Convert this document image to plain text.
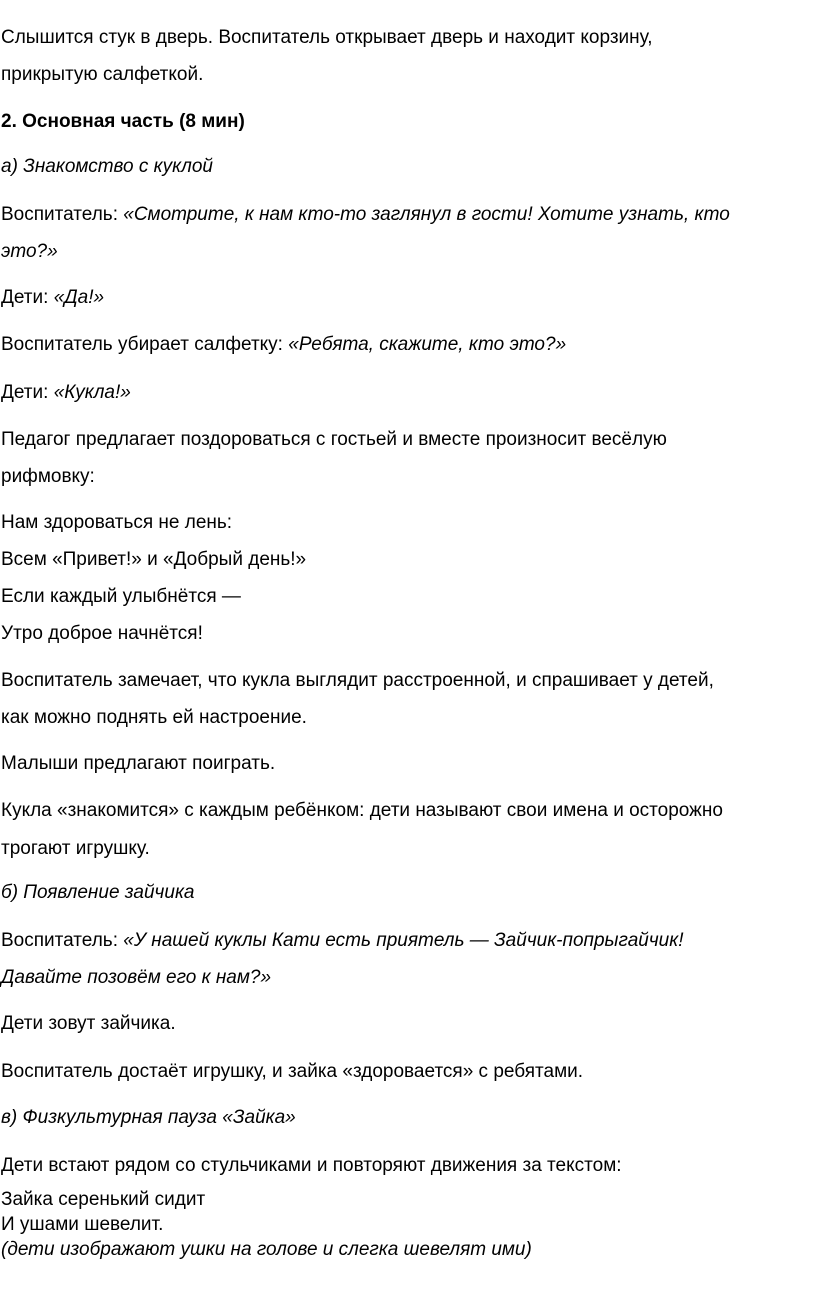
Слышится стук в дверь. Воспитатель открывает дверь и находит корзину,
прикрытую салфеткой.
2. Основная часть (8 мин)
а) Знакомство с куклой
Воспитатель: «Смотрите, к нам кто-то заглянул в гости! Хотите узнать, кто
это?»
Дети: «Да!»
Воспитатель убирает салфетку: «Ребята, скажите, кто это?»
Дети: «Кукла!»
Педагог предлагает поздороваться с гостьей и вместе произносит весёлую
рифмовку:
Нам здороваться не лень:
Всем «Привет!» и «Добрый день!»
Если каждый улыбнётся —
Утро доброе начнётся!
Воспитатель замечает, что кукла выглядит расстроенной, и спрашивает у детей,
как можно поднять ей настроение.
Малыши предлагают поиграть.
Кукла «знакомится» с каждым ребёнком: дети называют свои имена и осторожно
трогают игрушку.
б) Появление зайчика
Воспитатель: «У нашей куклы Кати есть приятель — Зайчик-попрыгайчик!
Давайте позовём его к нам?»
Дети зовут зайчика.
Воспитатель достаёт игрушку, и зайка «здоровается» с ребятами.
в) Физкультурная пауза «Зайка»
Дети встают рядом со стульчиками и повторяют движения за текстом:
Зайка серенький сидит
И ушами шевелит.
(дети изображают ушки на голове и слегка шевелят ими)
